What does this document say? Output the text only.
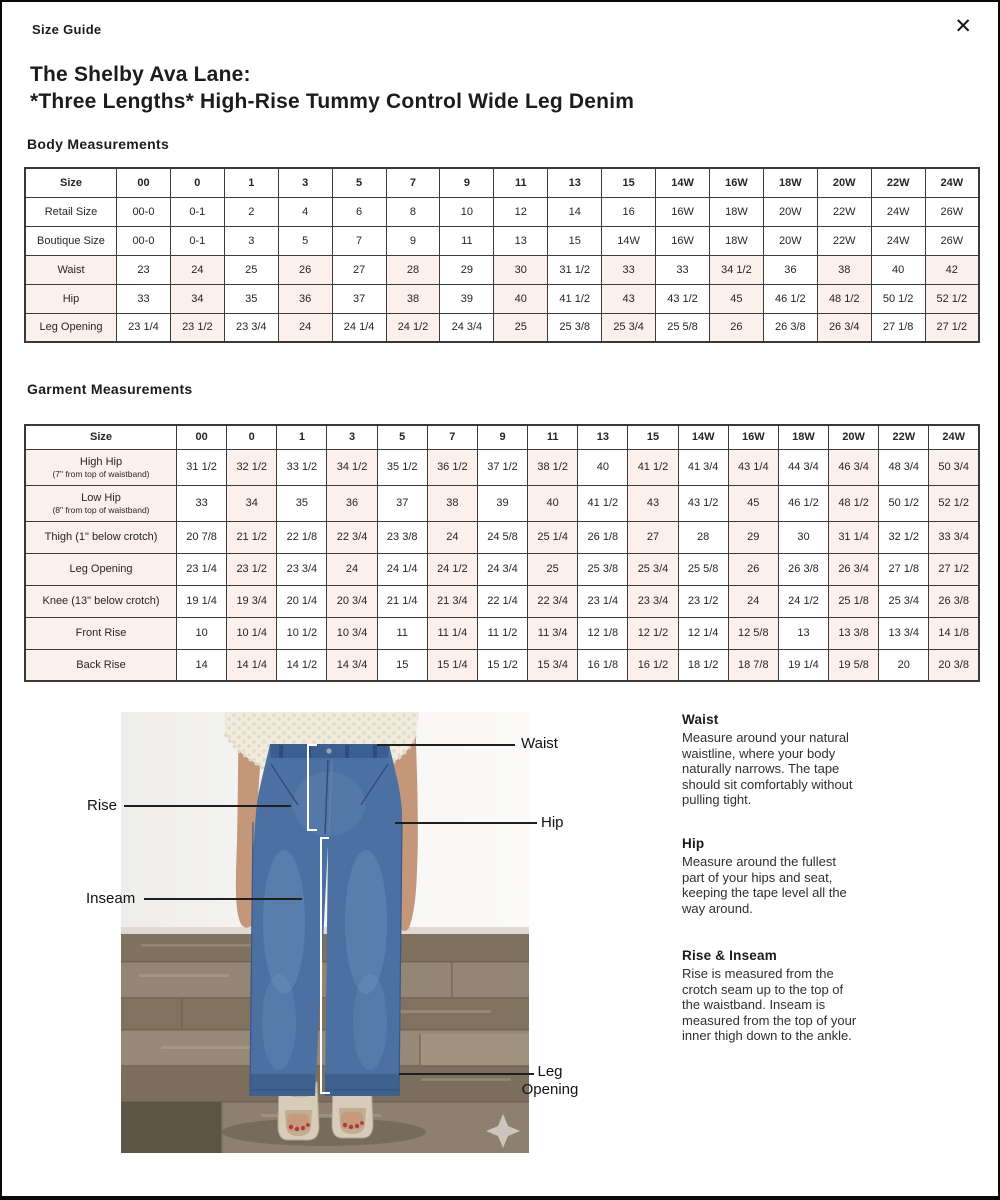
Size Guide	✕
The Shelby Ava Lane:
*Three Lengths* High-Rise Tummy Control Wide Leg Denim
Body Measurements
Size	00	0	1	3	5	7	9	11	13	15	14W	16W	18W	20W	22W	24W

Retail Size	00-0	0-1	2	4	6	8	10	12	14	16	16W	18W	20W	22W	24W	26W

Boutique Size	00-0	0-1	3	5	7	9	11	13	15	14W	16W	18W	20W	22W	24W	26W

Waist	23	24	25	26	27	28	29	30	31 1/2	33	33	34 1/2	36	38	40	42

Hip	33	34	35	36	37	38	39	40	41 1/2	43	43 1/2	45	46 1/2	48 1/2	50 1/2	52 1/2

Leg Opening	23 1/4	23 1/2	23 3/4	24	24 1/4	24 1/2	24 3/4	25	25 3/8	25 3/4	25 5/8	26	26 3/8	26 3/4	27 1/8	27 1/2
Garment Measurements
Size	00	0	1	3	5	7	9	11	13	15	14W	16W	18W	20W	22W	24W

High Hip
(7" from top of waistband)	31 1/2	32 1/2	33 1/2	34 1/2	35 1/2	36 1/2	37 1/2	38 1/2	40	41 1/2	41 3/4	43 1/4	44 3/4	46 3/4	48 3/4	50 3/4

Low Hip
(8" from top of waistband)	33	34	35	36	37	38	39	40	41 1/2	43	43 1/2	45	46 1/2	48 1/2	50 1/2	52 1/2

Thigh (1" below crotch)	20 7/8	21 1/2	22 1/8	22 3/4	23 3/8	24	24 5/8	25 1/4	26 1/8	27	28	29	30	31 1/4	32 1/2	33 3/4

Leg Opening	23 1/4	23 1/2	23 3/4	24	24 1/4	24 1/2	24 3/4	25	25 3/8	25 3/4	25 5/8	26	26 3/8	26 3/4	27 1/8	27 1/2

Knee (13" below crotch)	19 1/4	19 3/4	20 1/4	20 3/4	21 1/4	21 3/4	22 1/4	22 3/4	23 1/4	23 3/4	23 1/2	24	24 1/2	25 1/8	25 3/4	26 3/8

Front Rise	10	10 1/4	10 1/2	10 3/4	11	11 1/4	11 1/2	11 3/4	12 1/8	12 1/2	12 1/4	12 5/8	13	13 3/8	13 3/4	14 1/8

Back Rise	14	14 1/4	14 1/2	14 3/4	15	15 1/4	15 1/2	15 3/4	16 1/8	16 1/2	18 1/2	18 7/8	19 1/4	19 5/8	20	20 3/8
Waist
Rise
Hip
Inseam
Leg
Opening
Waist

Measure around your natural waistline, where your body naturally narrows. The tape should sit comfortably without pulling tight.

Hip

Measure around the fullest part of your hips and seat, keeping the tape level all the way around.

Rise & Inseam

Rise is measured from the crotch seam up to the top of the waistband. Inseam is measured from the top of your inner thigh down to the ankle.
